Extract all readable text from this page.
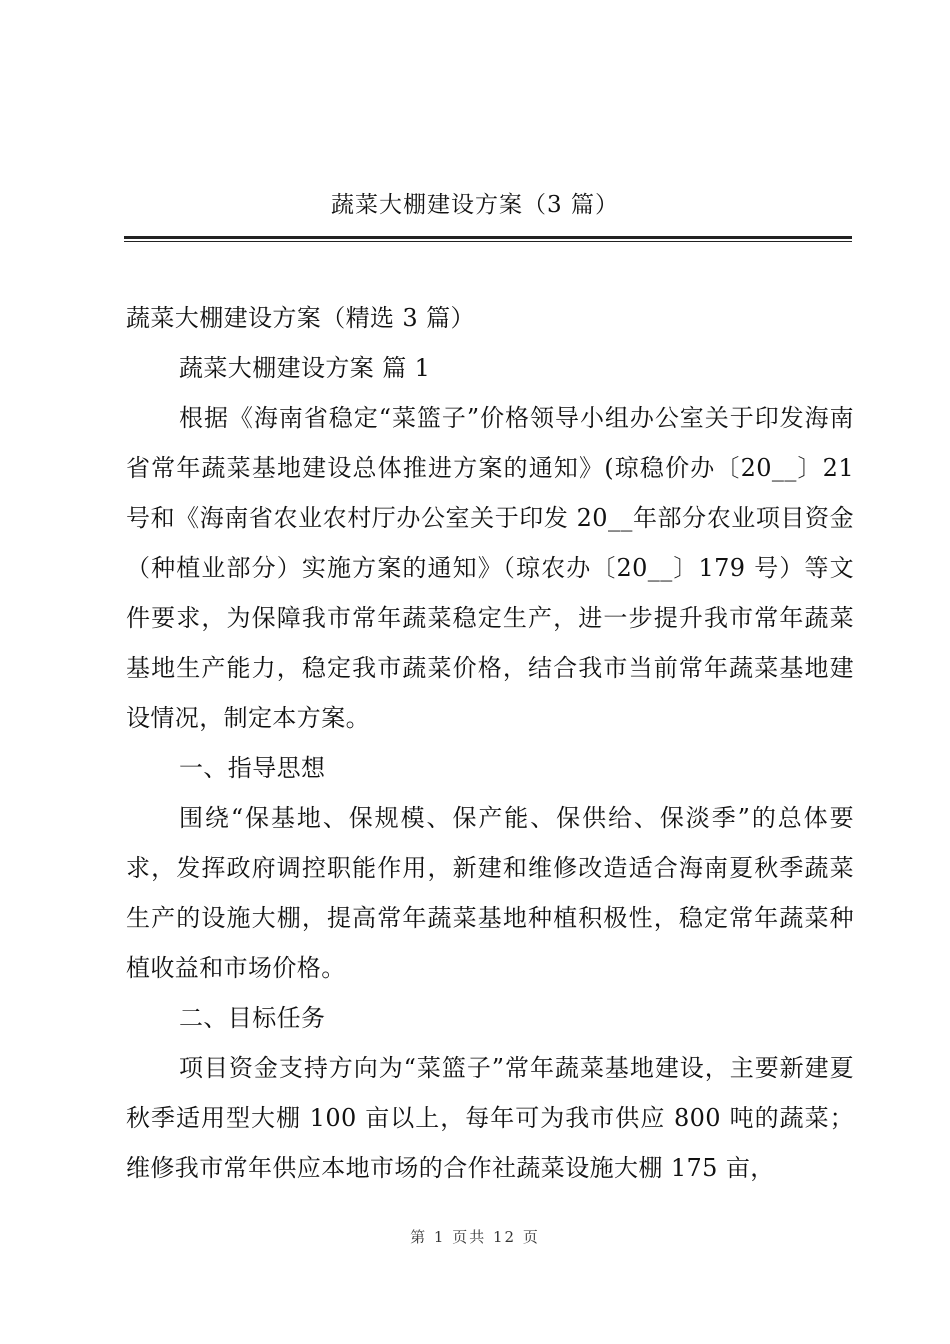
蔬菜大棚建设方案（3 篇）

蔬菜大棚建设方案（精选 3 篇）

蔬菜大棚建设方案 篇 1

根据《海南省稳定“菜篮子”价格领导小组办公室关于印发海南省常年蔬菜基地建设总体推进方案的通知》(琼稳价办〔20__〕21 号和《海南省农业农村厅办公室关于印发 20__年部分农业项目资金（种植业部分）实施方案的通知》（琼农办〔20__〕179 号）等文件要求，为保障我市常年蔬菜稳定生产，进一步提升我市常年蔬菜基地生产能力，稳定我市蔬菜价格，结合我市当前常年蔬菜基地建设情况，制定本方案。

一、指导思想

围绕“保基地、保规模、保产能、保供给、保淡季”的总体要求，发挥政府调控职能作用，新建和维修改造适合海南夏秋季蔬菜生产的设施大棚，提高常年蔬菜基地种植积极性，稳定常年蔬菜种植收益和市场价格。

二、目标任务

项目资金支持方向为“菜篮子”常年蔬菜基地建设，主要新建夏秋季适用型大棚 100 亩以上，每年可为我市供应 800 吨的蔬菜；维修我市常年供应本地市场的合作社蔬菜设施大棚 175 亩，

第 1 页共 12 页
